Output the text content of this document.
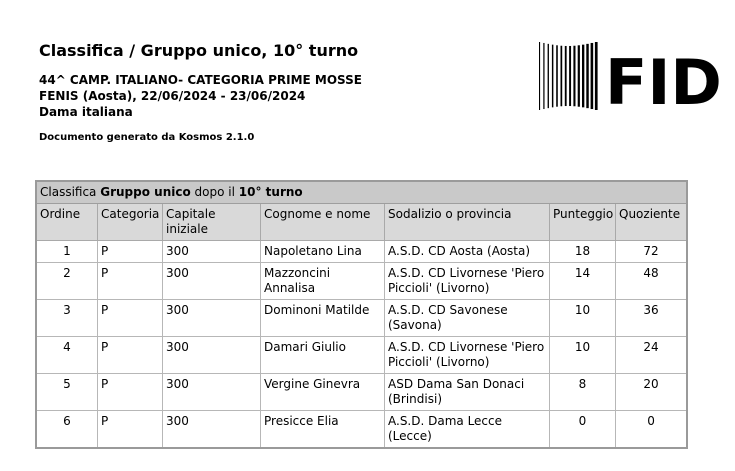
Classifica / Gruppo unico, 10° turno
44^ CAMP. ITALIANO- CATEGORIA PRIME MOSSE
FENIS (Aosta), 22/06/2024 - 23/06/2024
Dama italiana
Documento generato da Kosmos 2.1.0
FID
Classifica Gruppo unico dopo il 10° turno						
Ordine	Categoria	Capitale iniziale	Cognome e nome	Sodalizio o provincia	Punteggio	Quoziente
1	P	300	Napoletano Lina	A.S.D. CD Aosta (Aosta)	18	72
2	P	300	Mazzoncini Annalisa	A.S.D. CD Livornese 'Piero Piccioli' (Livorno)	14	48
3	P	300	Dominoni Matilde	A.S.D. CD Savonese (Savona)	10	36
4	P	300	Damari Giulio	A.S.D. CD Livornese 'Piero Piccioli' (Livorno)	10	24
5	P	300	Vergine Ginevra	ASD Dama San Donaci (Brindisi)	8	20
6	P	300	Presicce Elia	A.S.D. Dama Lecce (Lecce)	0	0
